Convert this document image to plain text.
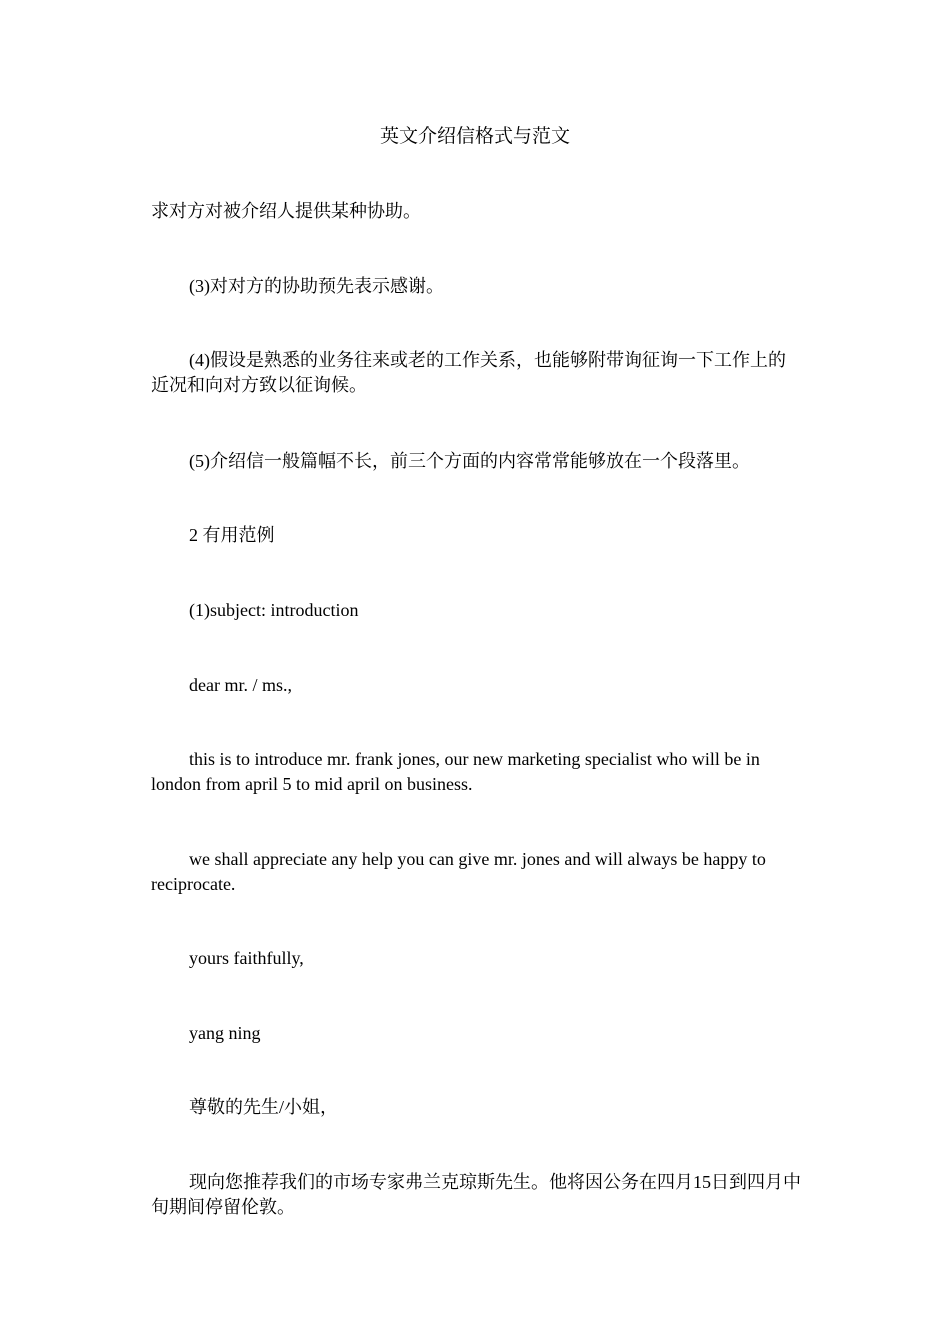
英文介绍信格式与范文

求对方对被介绍人提供某种协助。

(3)对对方的协助预先表示感谢。

(4)假设是熟悉的业务往来或老的工作关系，也能够附带询征询一下工作上的近况和向对方致以征询候。

(5)介绍信一般篇幅不长，前三个方面的内容常常能够放在一个段落里。

2 有用范例

(1)subject: introduction

dear mr. / ms.,

this is to introduce mr. frank jones, our new marketing specialist who will be in london from april 5 to mid april on business.

we shall appreciate any help you can give mr. jones and will always be happy to reciprocate.

yours faithfully,

yang ning

尊敬的先生/小姐，

现向您推荐我们的市场专家弗兰克琼斯先生。他将因公务在四月15日到四月中旬期间停留伦敦。
